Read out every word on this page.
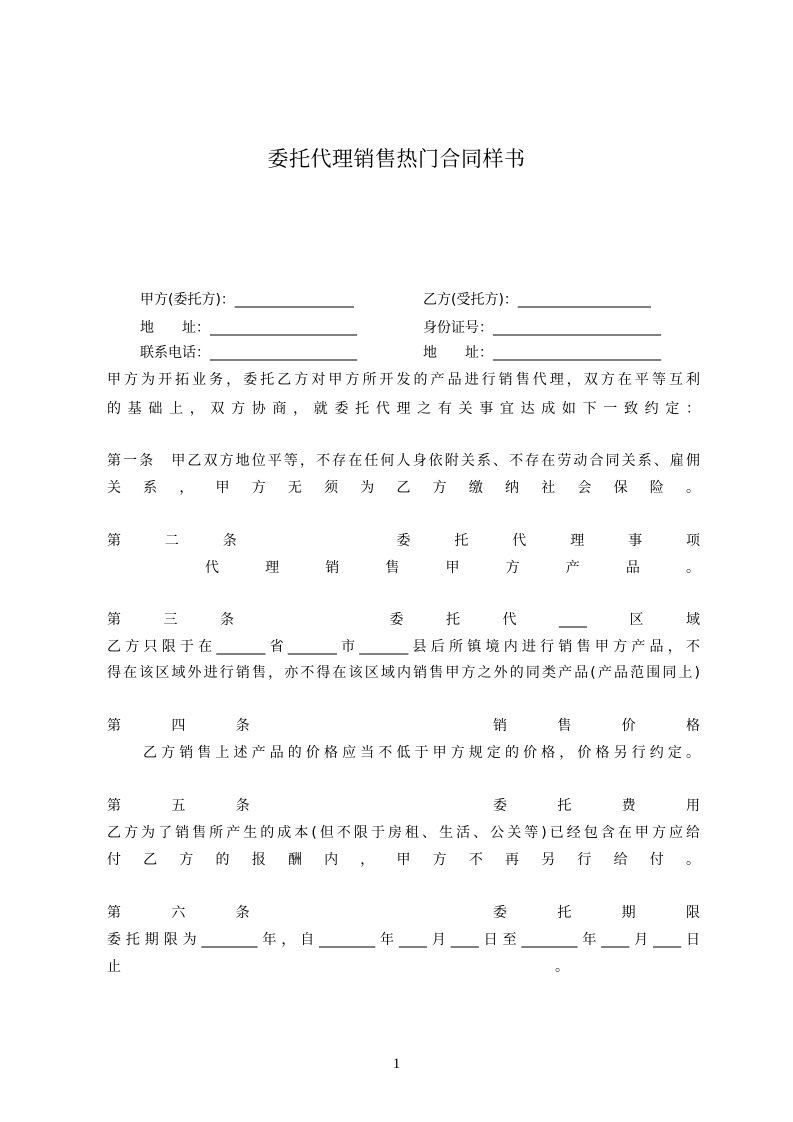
委托代理销售热门合同样书
甲方(委托方)：_________________
地　　址：_____________________
联系电话：_____________________
乙方(受托方)：___________________
身份证号：________________________
地　　址：________________________
甲方为开拓业务，委托乙方对甲方所开发的产品进行销售代理，双方在平等互利
的基础上，双方协商，就委托代理之有关事宜达成如下一致约定：
第一条　甲乙双方地位平等，不存在任何人身依附关系、不存在劳动合同关系、雇佣
关系，甲方无须为乙方缴纳社会保险。
第二条　　委托代理事项
代理销售甲方产品。
第三条　　委托代____区域
乙方只限于在_______省_______市_______县后所镇境内进行销售甲方产品，不
得在该区域外进行销售，亦不得在该区域内销售甲方之外的同类产品(产品范围同上)
第四条　　　销售价格
乙方销售上述产品的价格应当不低于甲方规定的价格，价格另行约定。
第五条　　　委托费用
乙方为了销售所产生的成本(但不限于房租、生活、公关等)已经包含在甲方应给
付乙方的报酬内，甲方不再另行给付。
第六条　　　委托期限
委托期限为________年，自________年____月____日至________年____月____日
止　　　　　　　　　　　　　　　　　　　　　　　　　　　　　　　。
1
